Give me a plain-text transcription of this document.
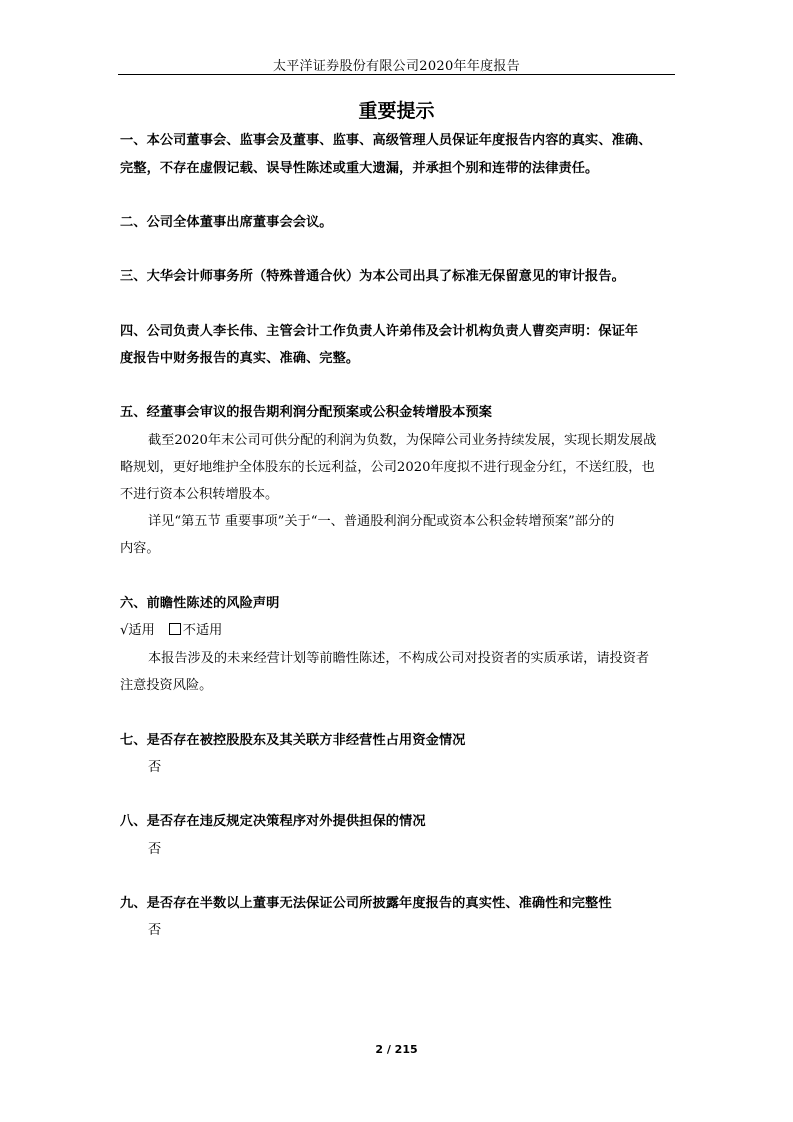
太平洋证券股份有限公司2020年年度报告
重要提示
一、本公司董事会、监事会及董事、监事、高级管理人员保证年度报告内容的真实、准确、
完整，不存在虚假记载、误导性陈述或重大遗漏，并承担个别和连带的法律责任。
二、公司全体董事出席董事会会议。
三、大华会计师事务所（特殊普通合伙）为本公司出具了标准无保留意见的审计报告。
四、公司负责人李长伟、主管会计工作负责人许弟伟及会计机构负责人曹奕声明：保证年
度报告中财务报告的真实、准确、完整。
五、经董事会审议的报告期利润分配预案或公积金转增股本预案
截至2020年末公司可供分配的利润为负数，为保障公司业务持续发展，实现长期发展战
略规划，更好地维护全体股东的长远利益，公司2020年度拟不进行现金分红，不送红股，也
不进行资本公积转增股本。
详见“第五节 重要事项”关于“一、普通股利润分配或资本公积金转增预案”部分的
内容。
六、前瞻性陈述的风险声明
√适用 不适用
本报告涉及的未来经营计划等前瞻性陈述，不构成公司对投资者的实质承诺，请投资者
注意投资风险。
七、是否存在被控股股东及其关联方非经营性占用资金情况
否
八、是否存在违反规定决策程序对外提供担保的情况
否
九、是否存在半数以上董事无法保证公司所披露年度报告的真实性、准确性和完整性
否
2 / 215
